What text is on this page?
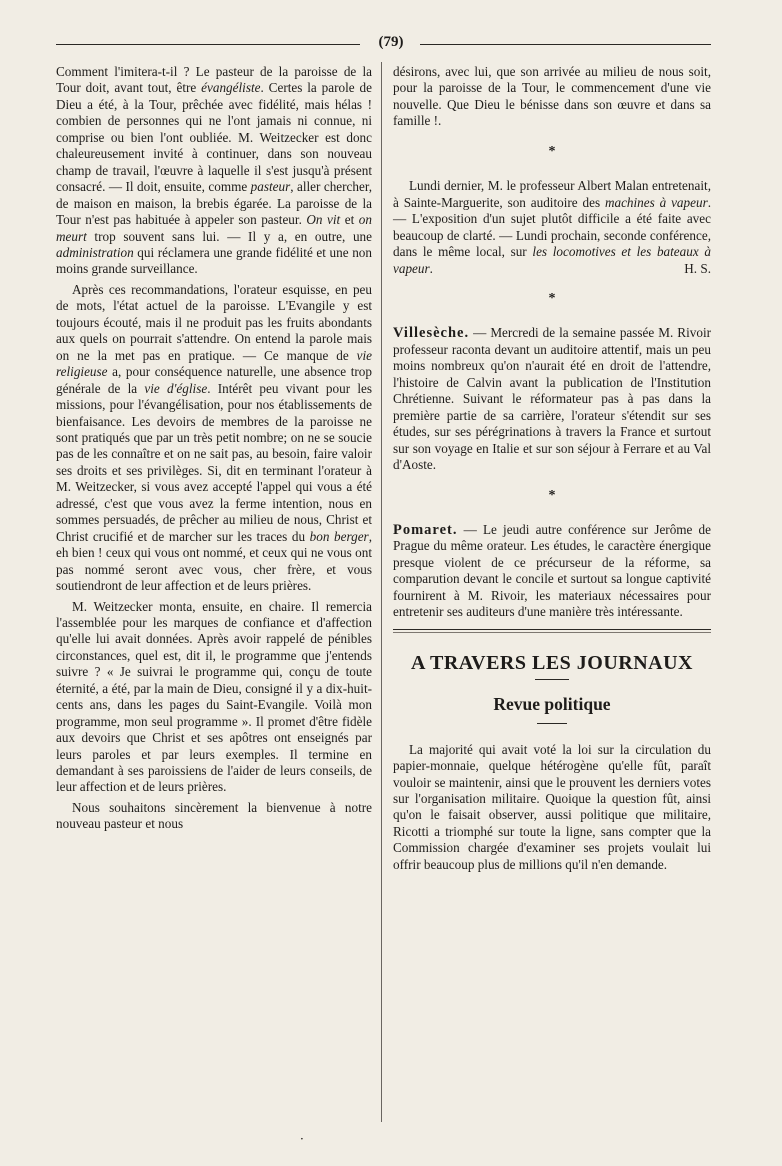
(79)

Comment l'imitera-t-il ? Le pasteur de la paroisse de la Tour doit, avant tout, être évangéliste. Certes la parole de Dieu a été, à la Tour, prêchée avec fidélité, mais hélas ! combien de personnes qui ne l'ont jamais ni connue, ni comprise ou bien l'ont oubliée. M. Weitzecker est donc chaleureusement invité à continuer, dans son nouveau champ de travail, l'œuvre à laquelle il s'est jusqu'à présent consacré. — Il doit, ensuite, comme pasteur, aller chercher, de maison en maison, la brebis égarée. La paroisse de la Tour n'est pas habituée à appeler son pasteur. On vit et on meurt trop souvent sans lui. — Il y a, en outre, une administration qui réclamera une grande fidélité et une non moins grande surveillance.

Après ces recommandations, l'orateur esquisse, en peu de mots, l'état actuel de la paroisse. L'Evangile y est toujours écouté, mais il ne produit pas les fruits abondants aux quels on pourrait s'attendre. On entend la parole mais on ne la met pas en pratique. — Ce manque de vie religieuse a, pour conséquence naturelle, une absence trop générale de la vie d'église. Intérêt peu vivant pour les missions, pour l'évangélisation, pour nos établissements de bienfaisance. Les devoirs de membres de la paroisse ne sont pratiqués que par un très petit nombre; on ne se soucie pas de les connaître et on ne sait pas, au besoin, faire valoir ses droits et ses privilèges. Si, dit en terminant l'orateur à M. Weitzecker, si vous avez accepté l'appel qui vous a été adressé, c'est que vous avez la ferme intention, nous en sommes persuadés, de prêcher au milieu de nous, Christ et Christ crucifié et de marcher sur les traces du bon berger, eh bien ! ceux qui vous ont nommé, et ceux qui ne vous ont pas nommé seront avec vous, cher frère, et vous soutiendront de leur affection et de leurs prières.

M. Weitzecker monta, ensuite, en chaire. Il remercia l'assemblée pour les marques de confiance et d'affection qu'elle lui avait données. Après avoir rappelé de pénibles circonstances, quel est, dit il, le programme que j'entends suivre ? « Je suivrai le programme qui, conçu de toute éternité, a été, par la main de Dieu, consigné il y a dix-huit-cents ans, dans les pages du Saint-Evangile. Voilà mon programme, mon seul programme ». Il promet d'être fidèle aux devoirs que Christ et ses apôtres ont enseignés par leurs paroles et par leurs exemples. Il termine en demandant à ses paroissiens de l'aider de leurs conseils, de leur affection et de leurs prières.

Nous souhaitons sincèrement la bienvenue à notre nouveau pasteur et nous

désirons, avec lui, que son arrivée au milieu de nous soit, pour la paroisse de la Tour, le commencement d'une vie nouvelle. Que Dieu le bénisse dans son œuvre et dans sa famille !.

*

Lundi dernier, M. le professeur Albert Malan entretenait, à Sainte-Marguerite, son auditoire des machines à vapeur. — L'exposition d'un sujet plutôt difficile a été faite avec beaucoup de clarté. — Lundi prochain, seconde conférence, dans le même local, sur les locomotives et les bateaux à vapeur.	H. S.

*

Villesèche. — Mercredi de la semaine passée M. Rivoir professeur raconta devant un auditoire attentif, mais un peu moins nombreux qu'on n'aurait été en droit de l'attendre, l'histoire de Calvin avant la publication de l'Institution Chrétienne. Suivant le réformateur pas à pas dans la première partie de sa carrière, l'orateur s'étendit sur ses études, sur ses pérégrinations à travers la France et surtout sur son voyage en Italie et sur son séjour à Ferrare et au Val d'Aoste.

*

Pomaret. — Le jeudi autre conférence sur Jerôme de Prague du même orateur. Les études, le caractère énergique presque violent de ce précurseur de la réforme, sa comparution devant le concile et surtout sa longue captivité fournirent à M. Rivoir, les materiaux nécessaires pour entretenir ses auditeurs d'une manière très intéressante.

A TRAVERS LES JOURNAUX
Revue politique

La majorité qui avait voté la loi sur la circulation du papier-monnaie, quelque hétérogène qu'elle fût, paraît vouloir se maintenir, ainsi que le prouvent les derniers votes sur l'organisation militaire. Quoique la question fût, ainsi qu'on le faisait observer, aussi politique que militaire, Ricotti a triomphé sur toute la ligne, sans compter que la Commission chargée d'examiner ses projets voulait lui offrir beaucoup plus de millions qu'il n'en demande.

·
